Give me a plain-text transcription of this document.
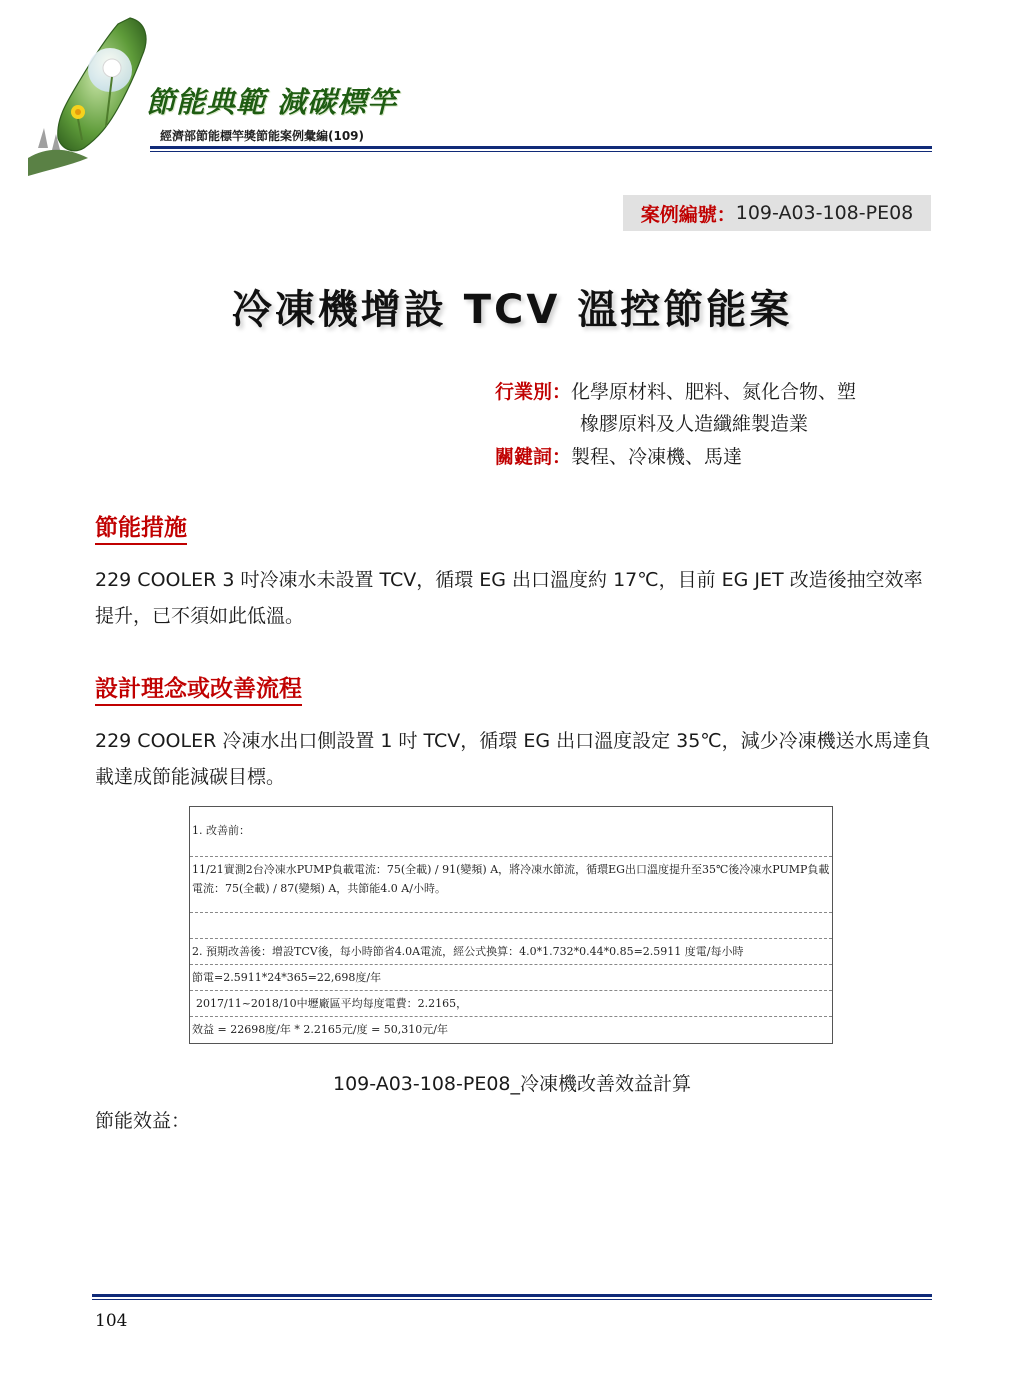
節能典範 減碳標竿
經濟部節能標竿獎節能案例彙編(109)
案例編號： 109-A03-108-PE08
冷凍機增設 TCV 溫控節能案
行業別：化學原材料、肥料、氮化合物、塑
橡膠原料及人造纖維製造業
關鍵詞：製程、冷凍機、馬達
節能措施
229 COOLER 3 吋冷凍水未設置 TCV，循環 EG 出口溫度約 17℃，目前 EG JET 改造後抽空效率提升，已不須如此低溫。
設計理念或改善流程
229 COOLER 冷凍水出口側設置 1 吋 TCV，循環 EG 出口溫度設定 35℃，減少冷凍機送水馬達負載達成節能減碳目標。
1. 改善前：
11/21實測2台冷凍水PUMP負載電流：75(全載) / 91(變頻) A，將冷凍水節流，循環EG出口溫度提升至35℃後冷凍水PUMP負載電流：75(全載) / 87(變頻) A，共節能4.0 A/小時。
2. 預期改善後：增設TCV後，每小時節省4.0A電流，經公式換算：4.0*1.732*0.44*0.85=2.5911 度電/每小時
節電=2.5911*24*365=22,698度/年
2017/11~2018/10中壢廠區平均每度電費：2.2165，
效益 = 22698度/年 * 2.2165元/度 = 50,310元/年
109-A03-108-PE08_冷凍機改善效益計算
節能效益：
104
